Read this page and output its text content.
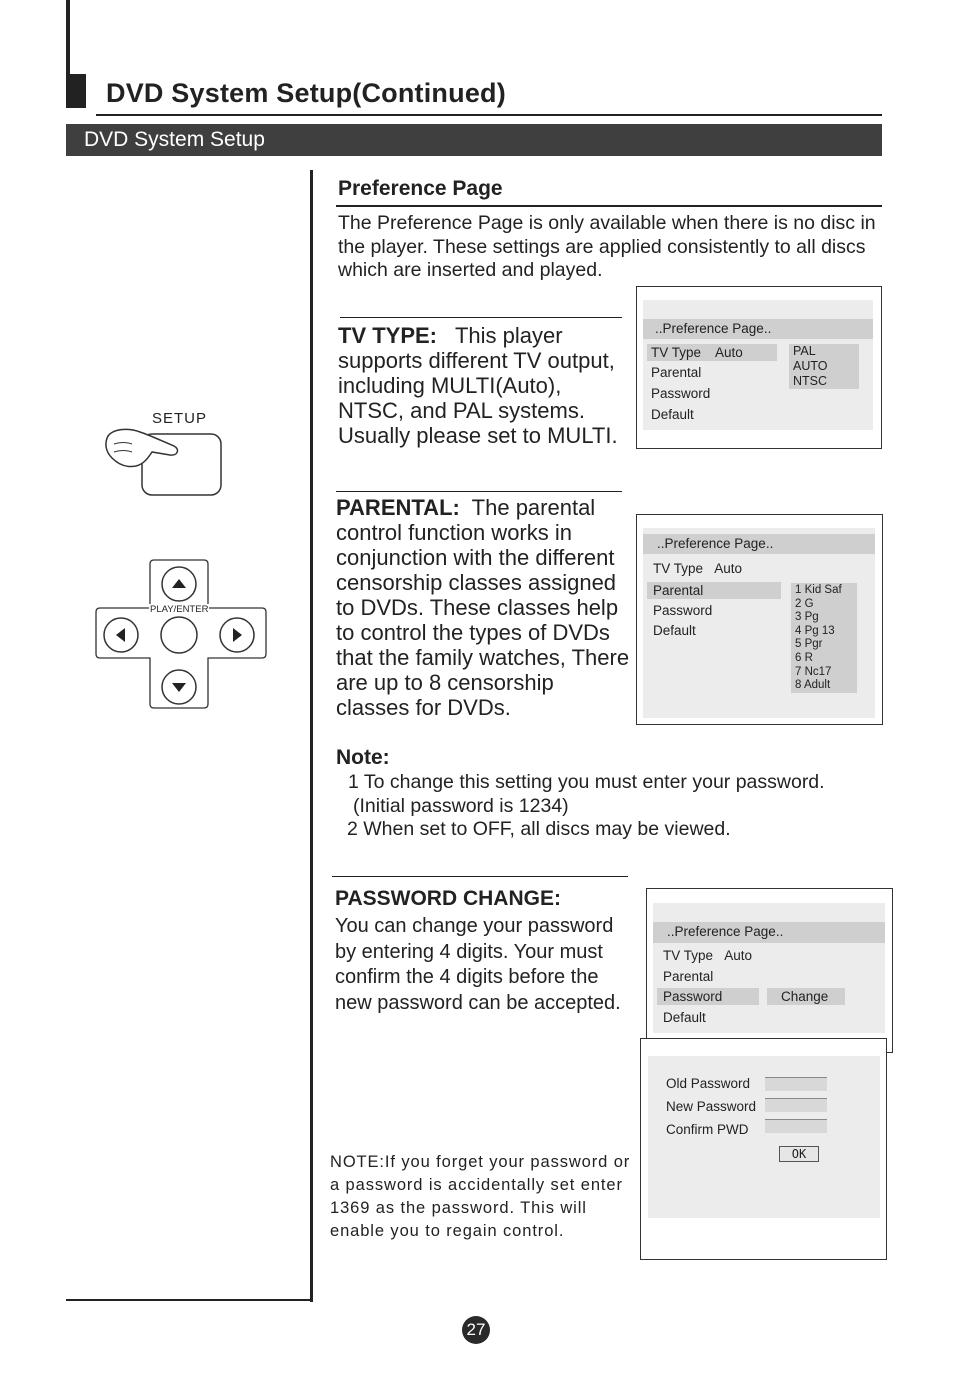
DVD System Setup(Continued)
DVD System Setup
SETUP
PLAY/ENTER
Preference Page
The Preference Page is only available when there is no disc in the player. These settings are applied consistently to all discs which are inserted and played.
TV TYPE: This player supports different TV output, including MULTI(Auto), NTSC, and PAL systems. Usually please set to MULTI.
..Preference Page..
TV Type Auto
Parental
Password
Default
PAL
AUTO
NTSC
PARENTAL: The parental control function works in conjunction with the different censorship classes assigned to DVDs. These classes help to control the types of DVDs that the family watches, There are up to 8 censorship classes for DVDs.
..Preference Page..
TV Type Auto
Parental
Password
Default
1 Kid Saf
2 G
3 Pg
4 Pg 13
5 Pgr
6 R
7 Nc17
8 Adult
Note:
1 To change this setting you must enter your password.
(Initial password is 1234)
2 When set to OFF, all discs may be viewed.
PASSWORD CHANGE:
You can change your password by entering 4 digits. Your must confirm the 4 digits before the new password can be accepted.
..Preference Page..
TV Type Auto
Parental
Password	Change
Default
Old Password
New Password
Confirm PWD
OK
NOTE:If you forget your password or a password is accidentally set enter 1369 as the password. This will enable you to regain control.
27
